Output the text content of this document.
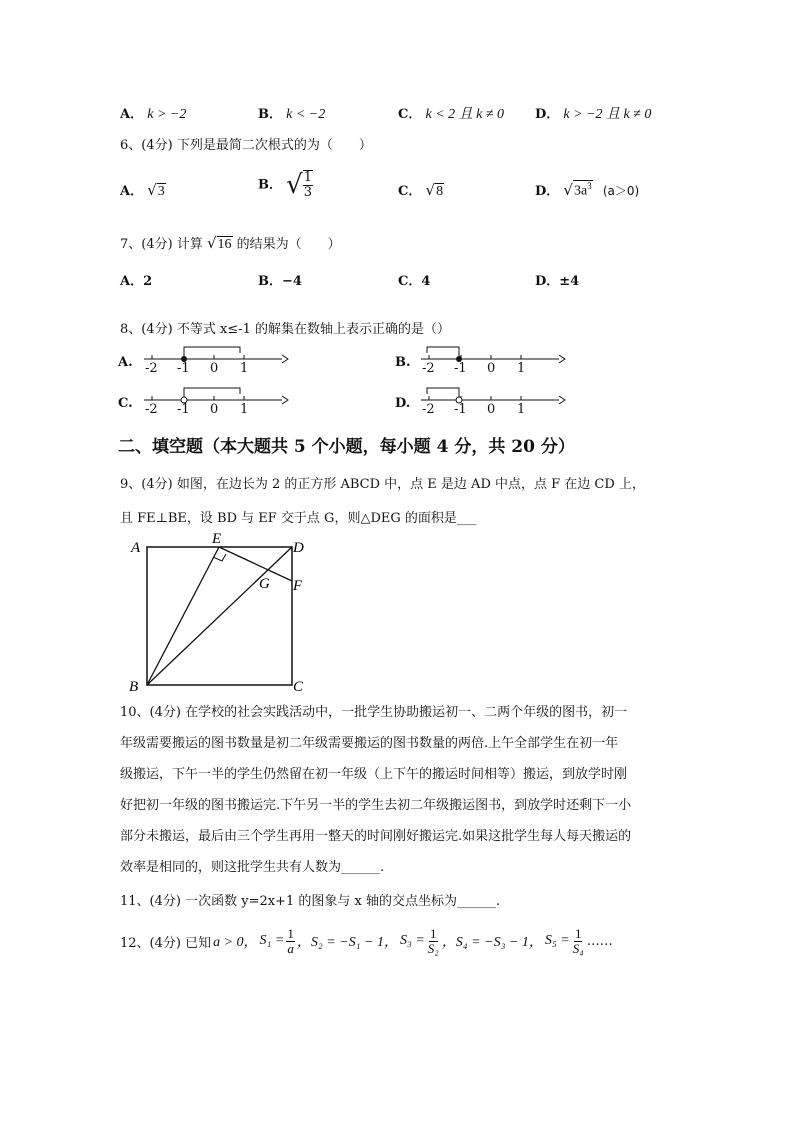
A． k > −2	B． k < −2	C． k < 2 且 k ≠ 0 D． k > −2 且 k ≠ 0
6、(4分) 下列是最简二次根式的为（　　）
A． √3	B． √ $\frac{1}{3}$	C． √8	D． $√3a^3$ (a＞0)
7、(4分) 计算 √16 的结果为（　　）
A．2	B．−4	C．4	D．±4
8、(4分) 不等式 x≤-1 的解集在数轴上表示正确的是（）
A. -2 -1 0 1	B. -2 -1 0 1
C. -2 -1 0 1	D. -2 -1 0 1
二、填空题（本大题共 5 个小题，每小题 4 分，共 20 分）
9、(4分) 如图，在边长为 2 的正方形 ABCD 中，点 E 是边 AD 中点，点 F 在边 CD 上，
且 FE⊥BE，设 BD 与 EF 交于点 G，则△DEG 的面积是___
A
B	C
D
E
F
G
10、(4分) 在学校的社会实践活动中，一批学生协助搬运初一、二两个年级的图书，初一
年级需要搬运的图书数量是初二年级需要搬运的图书数量的两倍.上午全部学生在初一年
级搬运，下午一半的学生仍然留在初一年级（上下午的搬运时间相等）搬运，到放学时刚
好把初一年级的图书搬运完.下午另一半的学生去初二年级搬运图书，到放学时还剩下一小
部分未搬运，最后由三个学生再用一整天的时间刚好搬运完.如果这批学生每人每天搬运的
效率是相同的，则这批学生共有人数为______.
11、(4分) 一次函数 y=2x+1 的图象与 x 轴的交点坐标为______.
12、(4分) 已知 a > 0， $S_1 = \frac{1}{a}$ ，S₂ = −S₁ − 1， $S_3 = \frac{1}{\text{S₂}}$ ，S₄ = −S₃ − 1， $S_5 = \frac{1}{\text{S₄}}$ ……
